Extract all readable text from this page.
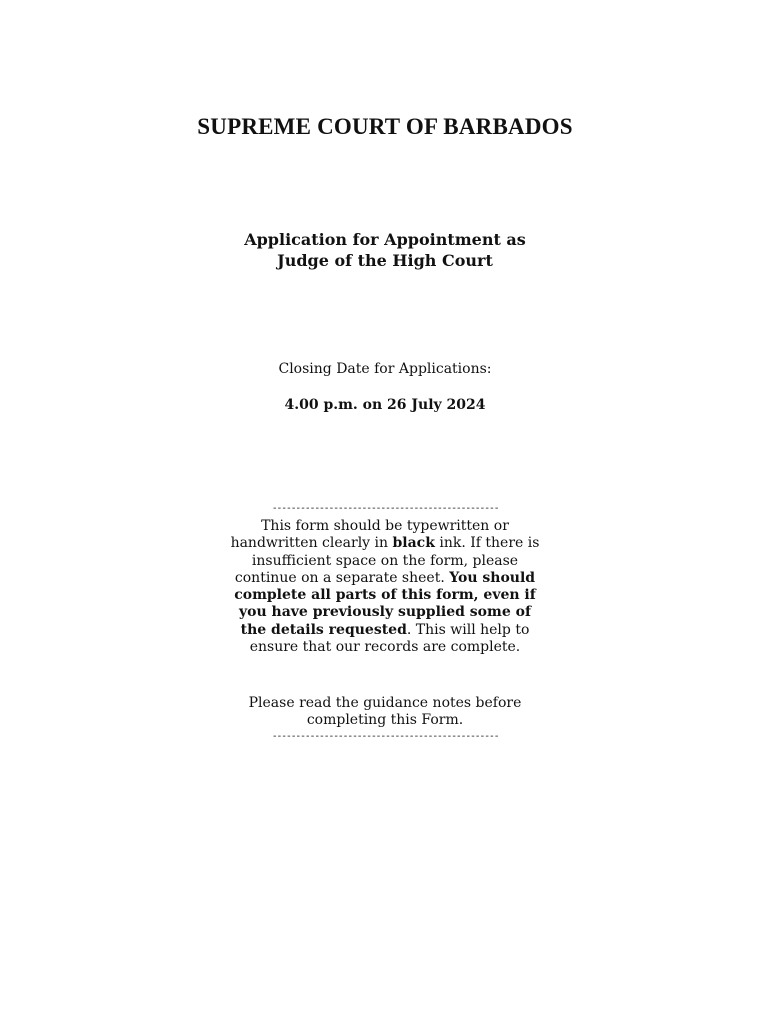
SUPREME COURT OF BARBADOS
Application for Appointment as
Judge of the High Court
Closing Date for Applications:
4.00 p.m. on 26 July 2024
------------------------------------------------
This form should be typewritten or handwritten clearly in black ink. If there is insufficient space on the form, please continue on a separate sheet. You should complete all parts of this form, even if you have previously supplied some of the details requested. This will help to ensure that our records are complete.
Please read the guidance notes before completing this Form.
------------------------------------------------
